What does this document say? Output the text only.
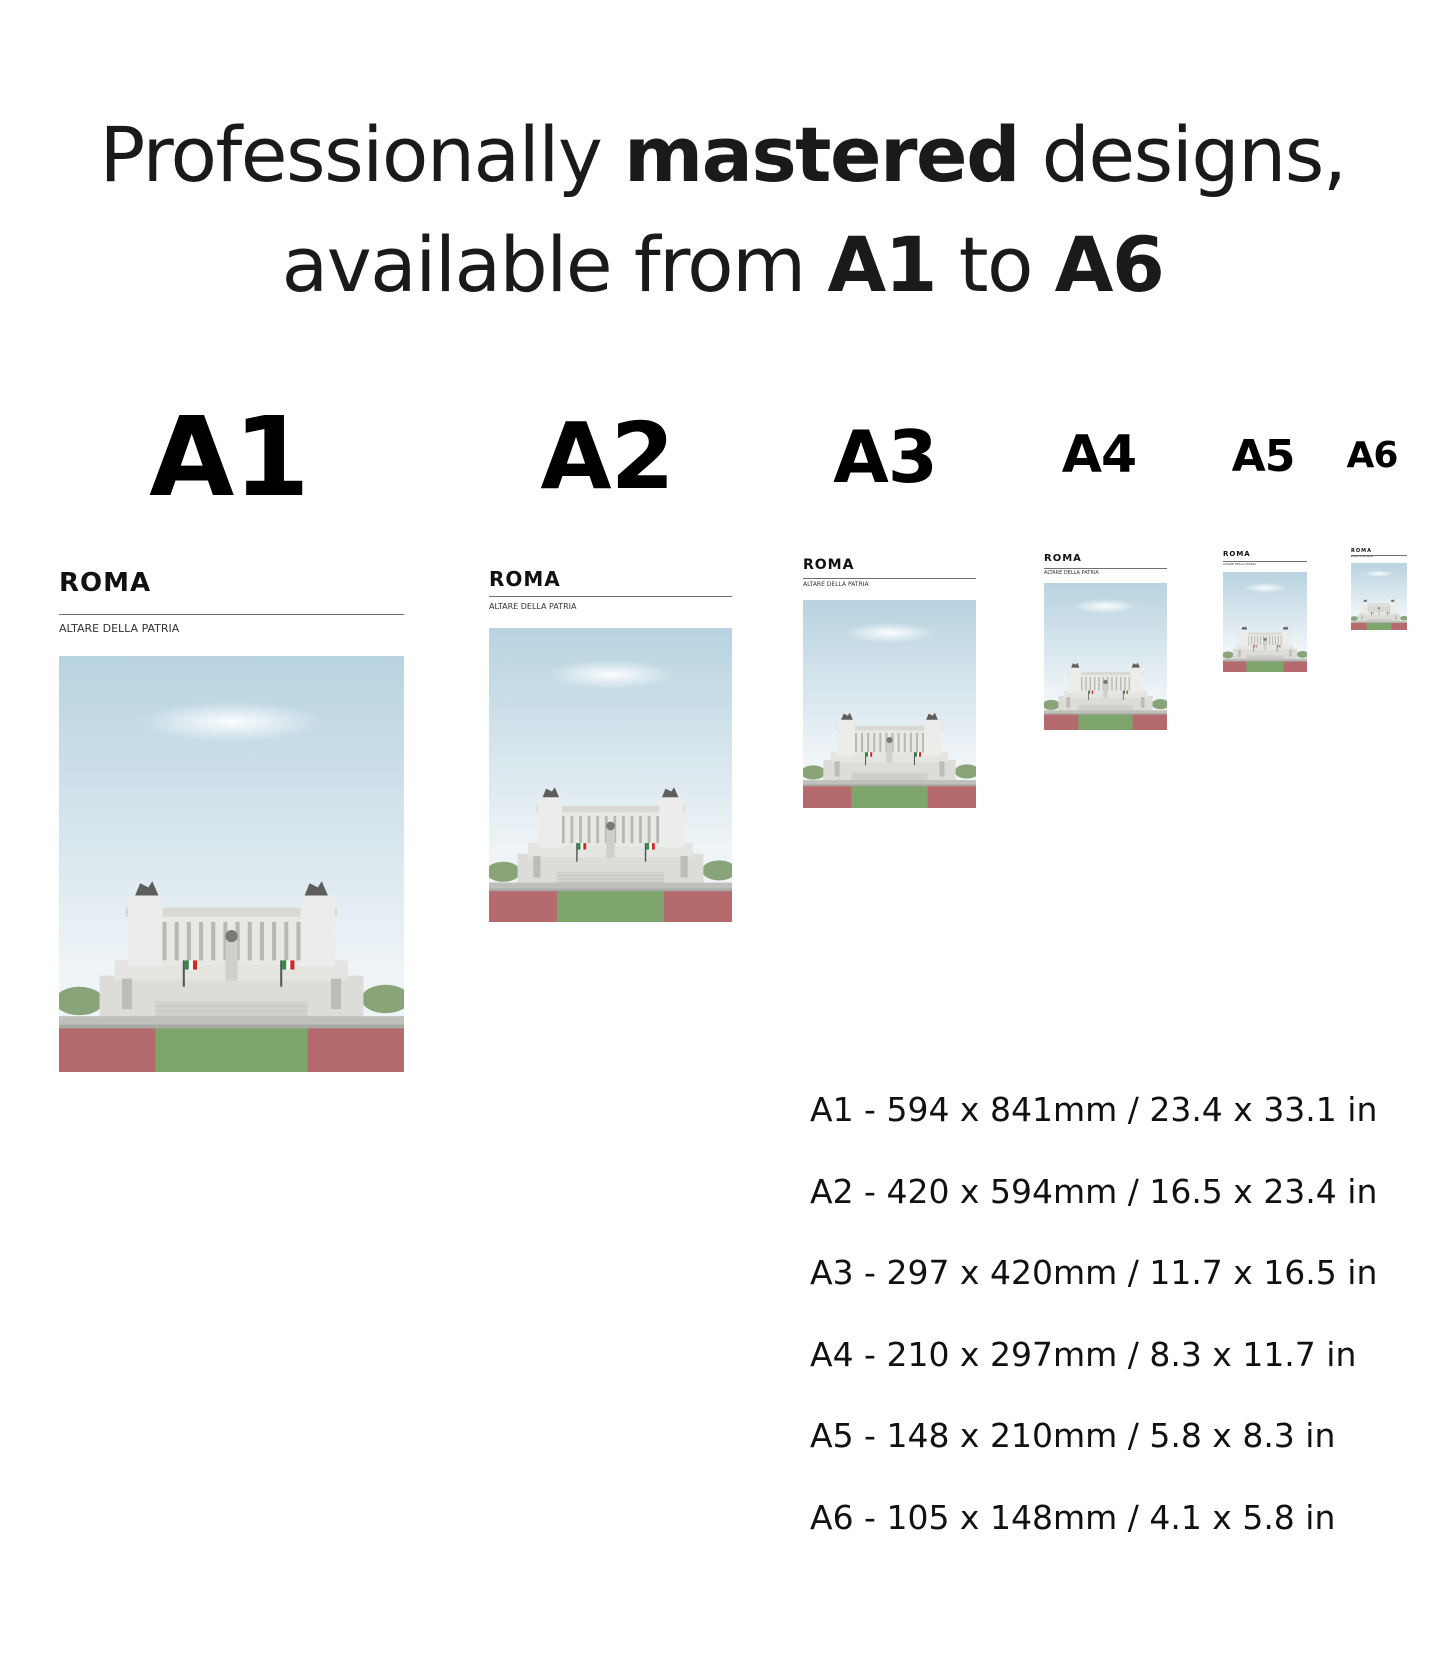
Professionally mastered designs,
available from A1 to A6
A1	A2 A3 A4 A5 A6
ROMA
ALTARE DELLA PATRIA
ROMA
ALTARE DELLA PATRIA
ROMA
ALTARE DELLA PATRIA
ROMA
ALTARE DELLA PATRIA
ROMA
ALTARE DELLA PATRIA
ROMA
ALTARE DELLA PATRIA
A1 - 594 x 841mm / 23.4 x 33.1 in
A2 - 420 x 594mm / 16.5 x 23.4 in
A3 - 297 x 420mm / 11.7 x 16.5 in
A4 - 210 x 297mm / 8.3 x 11.7 in
A5 - 148 x 210mm / 5.8 x 8.3 in
A6 - 105 x 148mm / 4.1 x 5.8 in
